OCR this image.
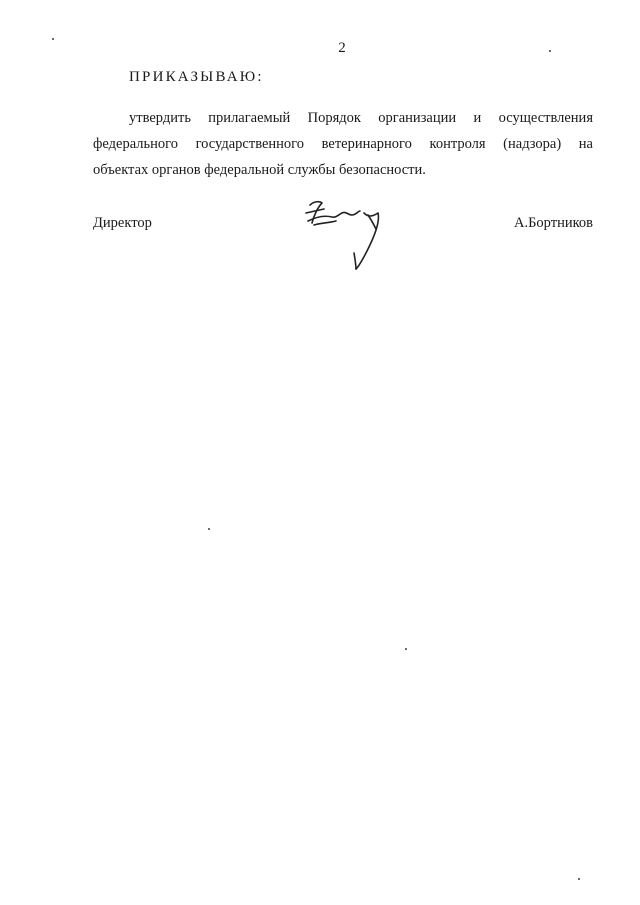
2
ПРИКАЗЫВАЮ:
утвердить прилагаемый Порядок организации и осуществления
федерального государственного ветеринарного контроля (надзора) на
объектах органов федеральной службы безопасности.
Директор	А.Бортников
